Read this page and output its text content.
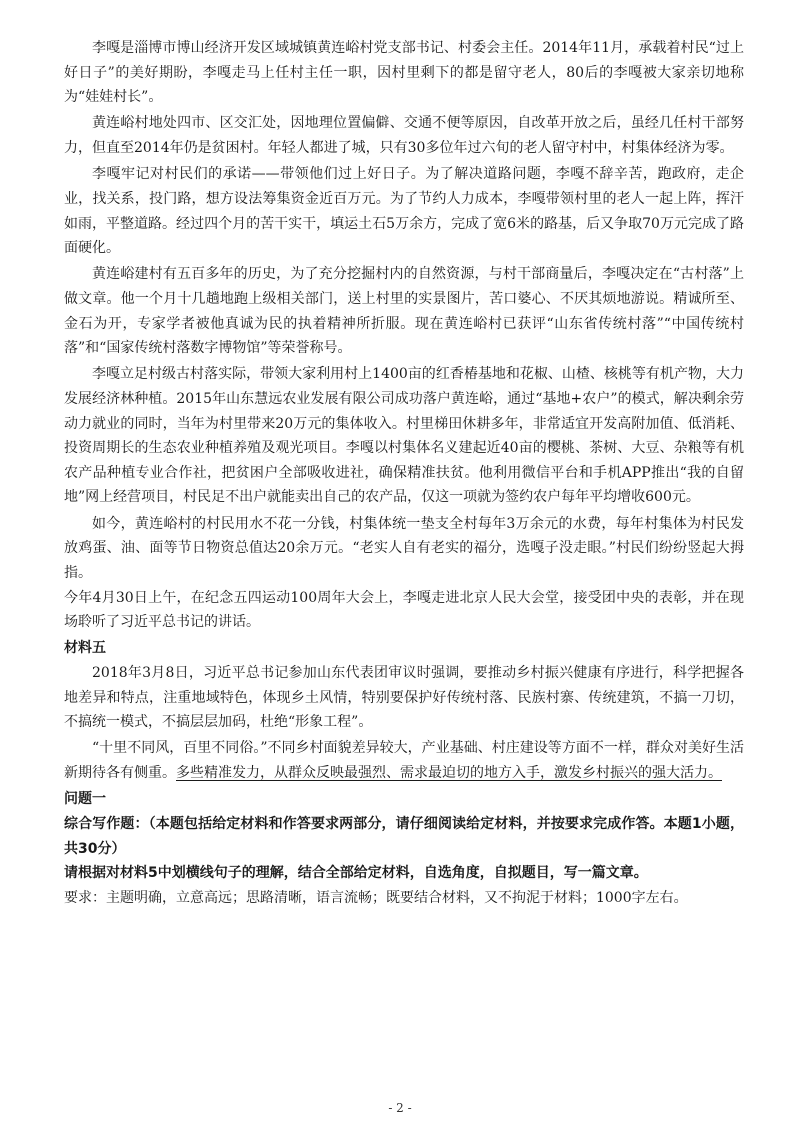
李嘎是淄博市博山经济开发区域城镇黄连峪村党支部书记、村委会主任。2014年11月，承载着村民“过上好日子”的美好期盼，李嘎走马上任村主任一职，因村里剩下的都是留守老人，80后的李嘎被大家亲切地称为“娃娃村长”。

黄连峪村地处四市、区交汇处，因地理位置偏僻、交通不便等原因，自改革开放之后，虽经几任村干部努力，但直至2014年仍是贫困村。年轻人都进了城，只有30多位年过六旬的老人留守村中，村集体经济为零。

李嘎牢记对村民们的承诺——带领他们过上好日子。为了解决道路问题，李嘎不辞辛苦，跑政府，走企业，找关系，投门路，想方设法筹集资金近百万元。为了节约人力成本，李嘎带领村里的老人一起上阵，挥汗如雨，平整道路。经过四个月的苦干实干，填运土石5万余方，完成了宽6米的路基，后又争取70万元完成了路面硬化。

黄连峪建村有五百多年的历史，为了充分挖掘村内的自然资源，与村干部商量后，李嘎决定在“古村落”上做文章。他一个月十几趟地跑上级相关部门，送上村里的实景图片，苦口婆心、不厌其烦地游说。精诚所至、金石为开，专家学者被他真诚为民的执着精神所折服。现在黄连峪村已获评“山东省传统村落”“中国传统村落”和“国家传统村落数字博物馆”等荣誉称号。

李嘎立足村级古村落实际，带领大家利用村上1400亩的红香椿基地和花椒、山楂、核桃等有机产物，大力发展经济林种植。2015年山东慧远农业发展有限公司成功落户黄连峪，通过“基地+农户”的模式，解决剩余劳动力就业的同时，当年为村里带来20万元的集体收入。村里梯田休耕多年，非常适宜开发高附加值、低消耗、投资周期长的生态农业种植养殖及观光项目。李嘎以村集体名义建起近40亩的樱桃、茶树、大豆、杂粮等有机农产品种植专业合作社，把贫困户全部吸收进社，确保精准扶贫。他利用微信平台和手机APP推出“我的自留地”网上经营项目，村民足不出户就能卖出自己的农产品，仅这一项就为签约农户每年平均增收600元。

如今，黄连峪村的村民用水不花一分钱，村集体统一垫支全村每年3万余元的水费，每年村集体为村民发放鸡蛋、油、面等节日物资总值达20余万元。“老实人自有老实的福分，选嘎子没走眼。”村民们纷纷竖起大拇指。

今年4月30日上午，在纪念五四运动100周年大会上，李嘎走进北京人民大会堂，接受团中央的表彰，并在现场聆听了习近平总书记的讲话。

材料五

2018年3月8日，习近平总书记参加山东代表团审议时强调，要推动乡村振兴健康有序进行，科学把握各地差异和特点，注重地域特色，体现乡土风情，特别要保护好传统村落、民族村寨、传统建筑，不搞一刀切，不搞统一模式，不搞层层加码，杜绝“形象工程”。

“十里不同风，百里不同俗。”不同乡村面貌差异较大，产业基础、村庄建设等方面不一样，群众对美好生活新期待各有侧重。多些精准发力，从群众反映最强烈、需求最迫切的地方入手，激发乡村振兴的强大活力。

问题一

综合写作题：（本题包括给定材料和作答要求两部分，请仔细阅读给定材料，并按要求完成作答。本题1小题，共30分）

请根据对材料5中划横线句子的理解，结合全部给定材料，自选角度，自拟题目，写一篇文章。

要求：主题明确，立意高远；思路清晰，语言流畅；既要结合材料，又不拘泥于材料；1000字左右。

- 2 -
